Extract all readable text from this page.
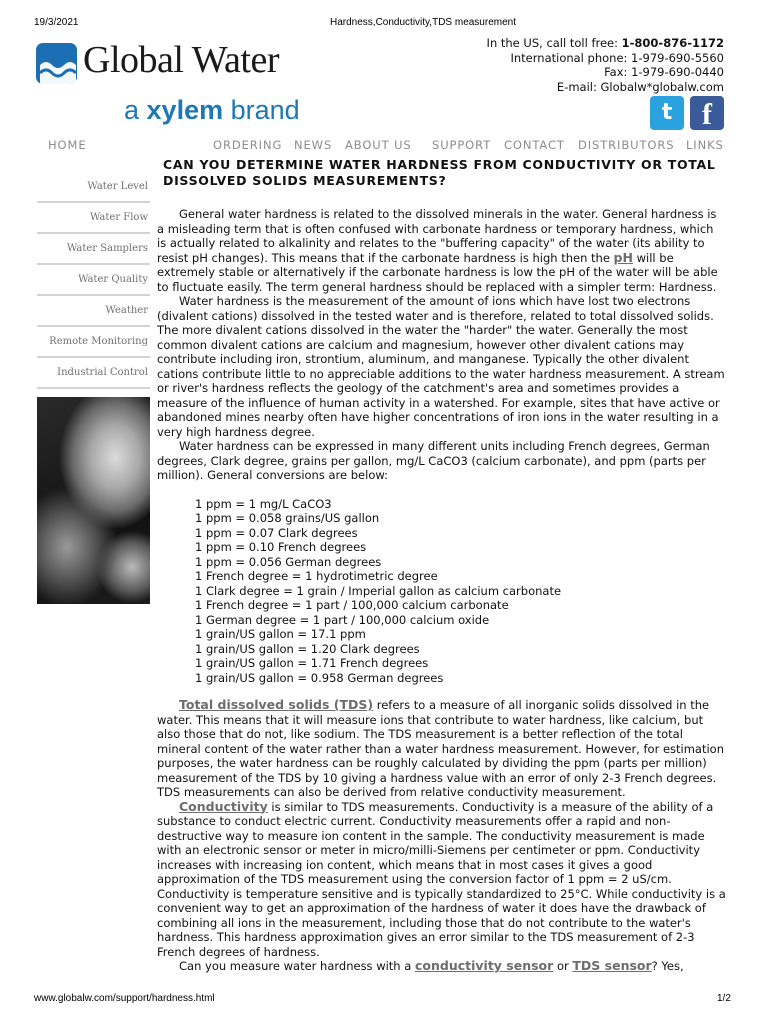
19/3/2021	Hardness,Conductivity,TDS measurement
Global Water
a xylem brand
In the US, call toll free: 1-800-876-1172
International phone: 1-979-690-5560
Fax: 1-979-690-0440
E-mail: Globalw*globalw.com
t f
HOME	ORDERING NEWS ABOUT US SUPPORT CONTACT DISTRIBUTORS LINKS
Water Level
Water Flow
Water Samplers
Water Quality
Weather
Remote Monitoring
Industrial Control
CAN YOU DETERMINE WATER HARDNESS FROM CONDUCTIVITY OR TOTAL DISSOLVED SOLIDS MEASUREMENTS?

General water hardness is related to the dissolved minerals in the water. General hardness is a misleading term that is often confused with carbonate hardness or temporary hardness, which is actually related to alkalinity and relates to the "buffering capacity" of the water (its ability to resist pH changes). This means that if the carbonate hardness is high then the pH will be extremely stable or alternatively if the carbonate hardness is low the pH of the water will be able to fluctuate easily. The term general hardness should be replaced with a simpler term: Hardness.

Water hardness is the measurement of the amount of ions which have lost two electrons (divalent cations) dissolved in the tested water and is therefore, related to total dissolved solids. The more divalent cations dissolved in the water the "harder" the water. Generally the most common divalent cations are calcium and magnesium, however other divalent cations may contribute including iron, strontium, aluminum, and manganese. Typically the other divalent cations contribute little to no appreciable additions to the water hardness measurement. A stream or river's hardness reflects the geology of the catchment's area and sometimes provides a measure of the influence of human activity in a watershed. For example, sites that have active or abandoned mines nearby often have higher concentrations of iron ions in the water resulting in a very high hardness degree.

Water hardness can be expressed in many different units including French degrees, German degrees, Clark degree, grains per gallon, mg/L CaCO3 (calcium carbonate), and ppm (parts per million). General conversions are below:

1 ppm = 1 mg/L CaCO3
1 ppm = 0.058 grains/US gallon
1 ppm = 0.07 Clark degrees
1 ppm = 0.10 French degrees
1 ppm = 0.056 German degrees
1 French degree = 1 hydrotimetric degree
1 Clark degree = 1 grain / Imperial gallon as calcium carbonate
1 French degree = 1 part / 100,000 calcium carbonate
1 German degree = 1 part / 100,000 calcium oxide
1 grain/US gallon = 17.1 ppm
1 grain/US gallon = 1.20 Clark degrees
1 grain/US gallon = 1.71 French degrees
1 grain/US gallon = 0.958 German degrees

Total dissolved solids (TDS) refers to a measure of all inorganic solids dissolved in the water. This means that it will measure ions that contribute to water hardness, like calcium, but also those that do not, like sodium. The TDS measurement is a better reflection of the total mineral content of the water rather than a water hardness measurement. However, for estimation purposes, the water hardness can be roughly calculated by dividing the ppm (parts per million) measurement of the TDS by 10 giving a hardness value with an error of only 2-3 French degrees. TDS measurements can also be derived from relative conductivity measurement.

Conductivity is similar to TDS measurements. Conductivity is a measure of the ability of a substance to conduct electric current. Conductivity measurements offer a rapid and non-destructive way to measure ion content in the sample. The conductivity measurement is made with an electronic sensor or meter in micro/milli-Siemens per centimeter or ppm. Conductivity increases with increasing ion content, which means that in most cases it gives a good approximation of the TDS measurement using the conversion factor of 1 ppm = 2 uS/cm. Conductivity is temperature sensitive and is typically standardized to 25°C. While conductivity is a convenient way to get an approximation of the hardness of water it does have the drawback of combining all ions in the measurement, including those that do not contribute to the water's hardness. This hardness approximation gives an error similar to the TDS measurement of 2-3 French degrees of hardness.

Can you measure water hardness with a conductivity sensor or TDS sensor? Yes,

www.globalw.com/support/hardness.html	1/2
